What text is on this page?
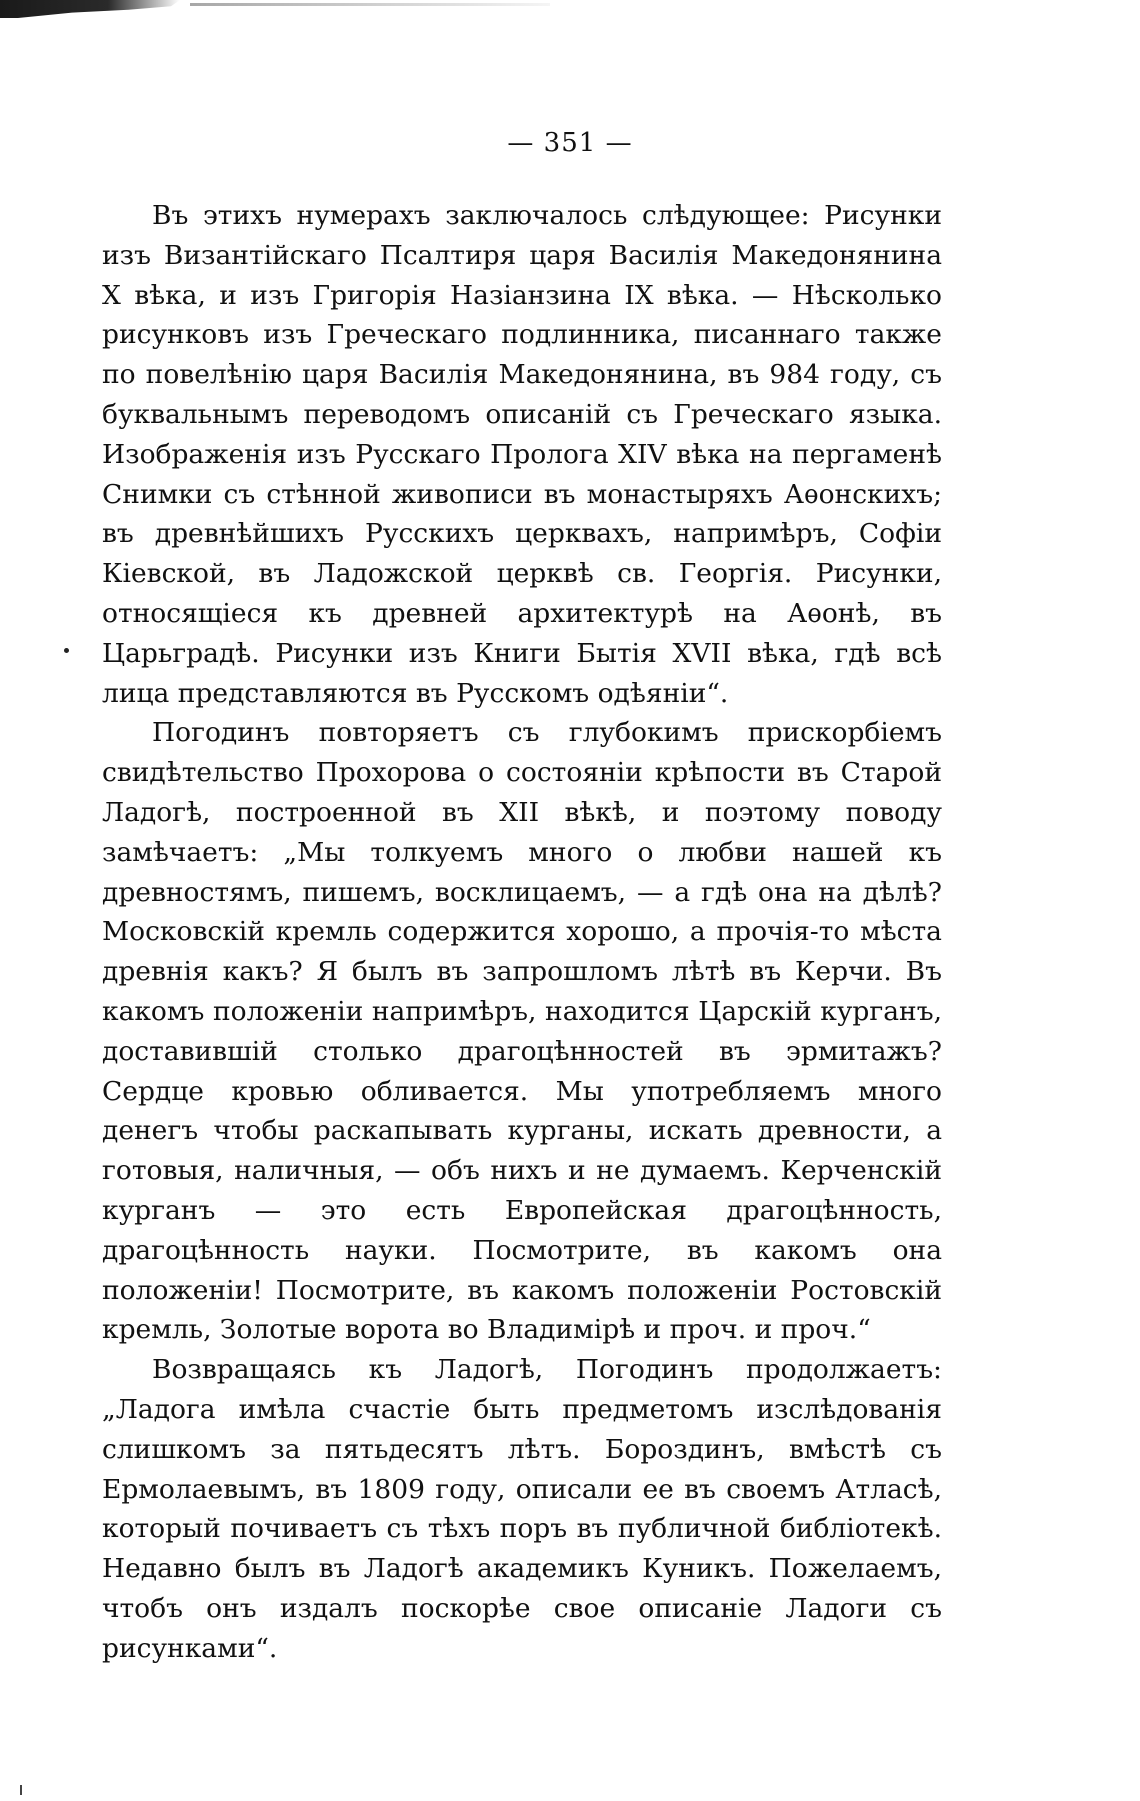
— 351 —

Въ этихъ нумерахъ заключалось слѣдующее: Рисунки изъ Византійскаго Псалтиря царя Василія Македонянина X вѣка, и изъ Григорія Назіанзина IX вѣка. — Нѣсколько рисунковъ изъ Греческаго подлинника, писаннаго также по повелѣнію царя Василія Македонянина, въ 984 году, съ буквальнымъ переводомъ описаній съ Греческаго языка. Изображенія изъ Русскаго Пролога XIV вѣка на пергаменѣ Снимки съ стѣнной живописи въ монастыряхъ Аѳонскихъ; въ древнѣйшихъ Русскихъ церквахъ, напримѣръ, Софіи Кіевской, въ Ладожской церквѣ св. Георгія. Рисунки, относящіеся къ древней архитектурѣ на Аѳонѣ, въ Царьградѣ. Рисунки изъ Книги Бытія XVII вѣка, гдѣ всѣ лица представляются въ Русскомъ одѣяніи“.

Погодинъ повторяетъ съ глубокимъ прискорбіемъ свидѣтельство Прохорова о состояніи крѣпости въ Старой Ладогѣ, построенной въ XII вѣкѣ, и поэтому поводу замѣчаетъ: „Мы толкуемъ много о любви нашей къ древностямъ, пишемъ, восклицаемъ, — а гдѣ она на дѣлѣ? Московскій кремль содержится хорошо, а прочія-то мѣста древнія какъ? Я былъ въ запрошломъ лѣтѣ въ Керчи. Въ какомъ положеніи напримѣръ, находится Царскій курганъ, доставившій столько драгоцѣнностей въ эрмитажъ? Сердце кровью обливается. Мы употребляемъ много денегъ чтобы раскапывать курганы, искать древности, а готовыя, наличныя, — объ нихъ и не думаемъ. Керченскій курганъ — это есть Европейская драгоцѣнность, драгоцѣнность науки. Посмотрите, въ какомъ она положеніи! Посмотрите, въ какомъ положеніи Ростовскій кремль, Золотые ворота во Владимірѣ и проч. и проч.“

Возвращаясь къ Ладогѣ, Погодинъ продолжаетъ: „Ладога имѣла счастіе быть предметомъ изслѣдованія слишкомъ за пятьдесятъ лѣтъ. Бороздинъ, вмѣстѣ съ Ермолаевымъ, въ 1809 году, описали ее въ своемъ Атласѣ, который почиваетъ съ тѣхъ поръ въ публичной библіотекѣ. Недавно былъ въ Ладогѣ академикъ Куникъ. Пожелаемъ, чтобъ онъ издалъ поскорѣе свое описаніе Ладоги съ рисунками“.
